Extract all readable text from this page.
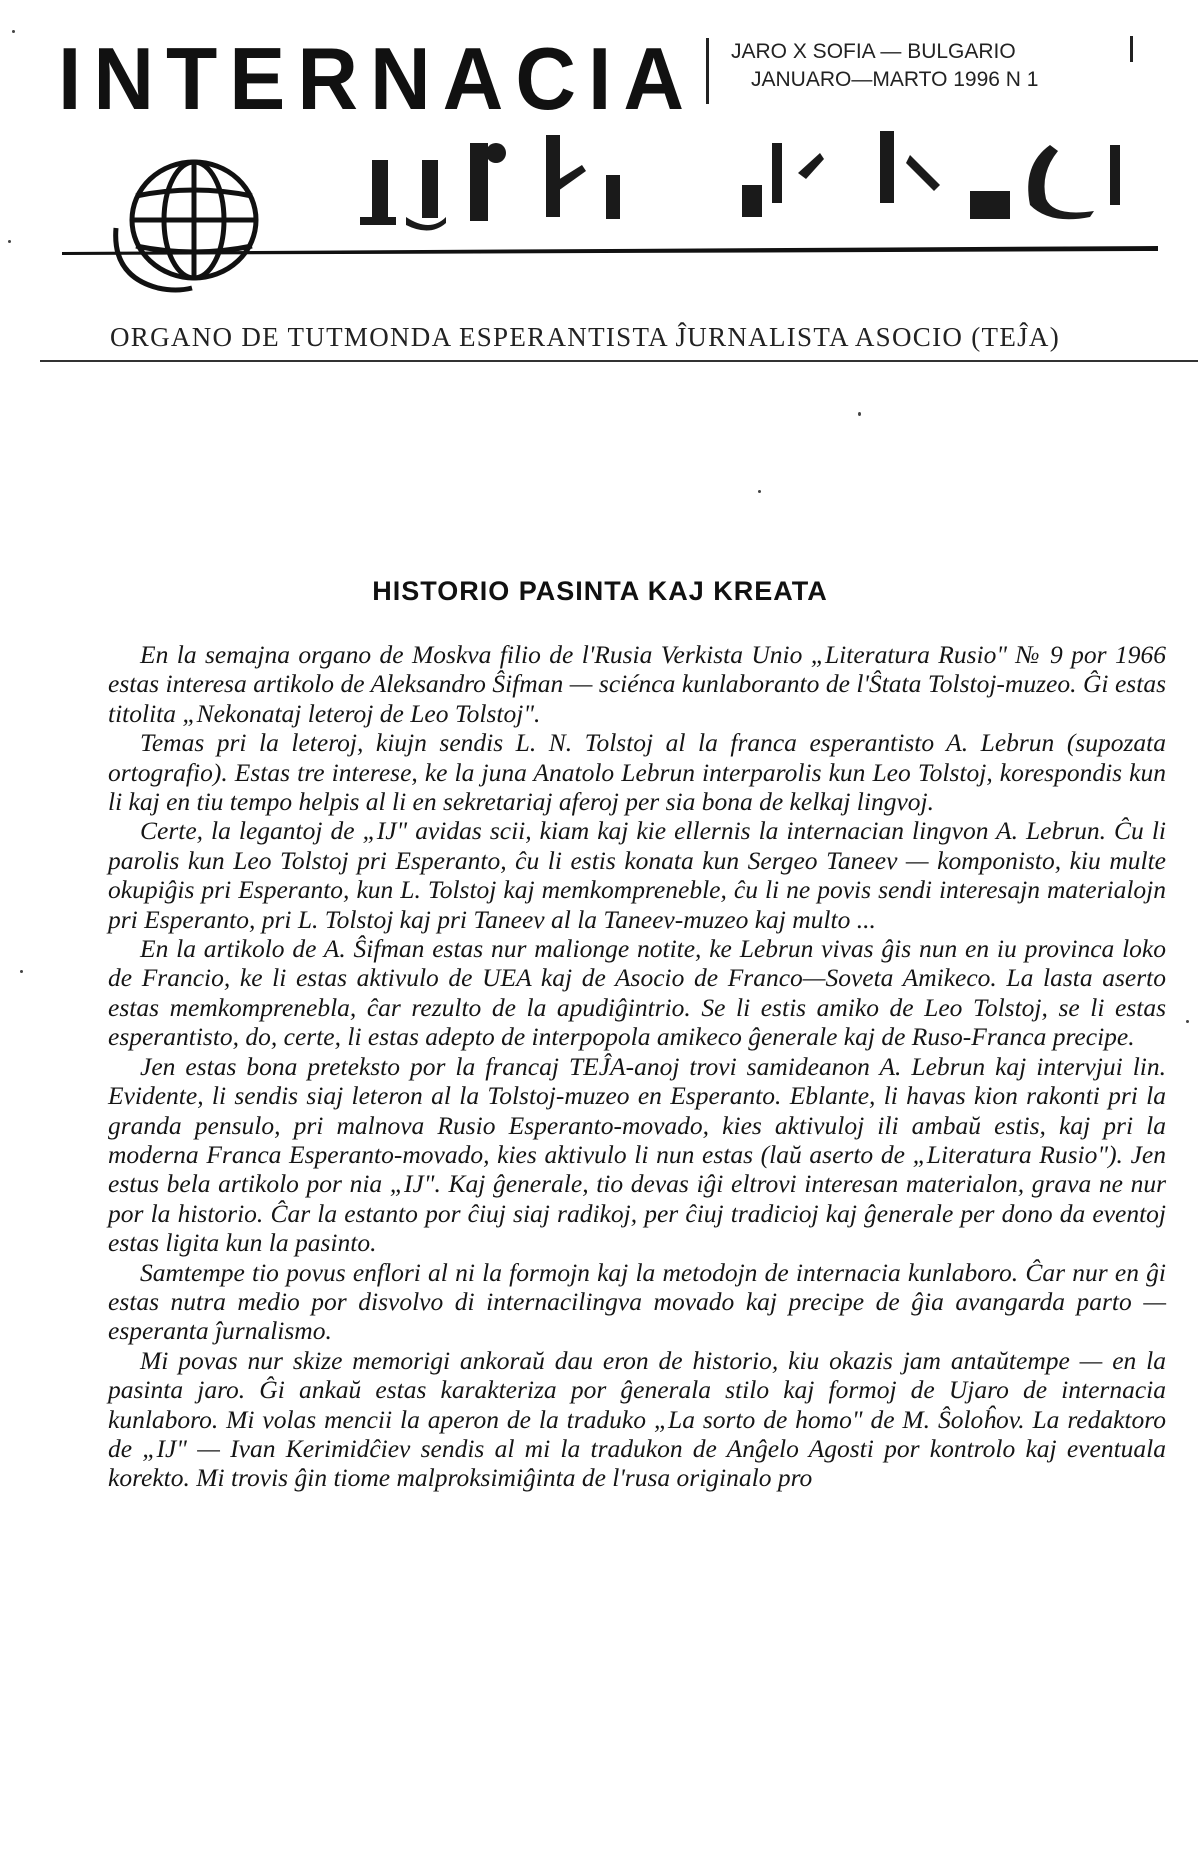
INTERNACIA JARO X SOFIA — BULGARIO
JANUARO—MARTO 1996 N 1
ORGANO DE TUTMONDA ESPERANTISTA ĴURNALISTA ASOCIO (TEĴA)
HISTORIO PASINTA KAJ KREATA

En la semajna organo de Moskva filio de l'Rusia Verkista Unio „Literatura Rusio" № 9 por 1966 estas interesa artikolo de Aleksandro Ŝifman — sciénca kunlaboranto de l'Ŝtata Tolstoj-muzeo. Ĝi estas titolita „Nekonataj leteroj de Leo Tolstoj".

Temas pri la leteroj, kiujn sendis L. N. Tolstoj al la franca esperantisto A. Lebrun (supozata ortografio). Estas tre interese, ke la juna Anatolo Lebrun interparolis kun Leo Tolstoj, korespondis kun li kaj en tiu tempo helpis al li en sekretariaj aferoj per sia bona de kelkaj lingvoj.

Certe, la legantoj de „IJ" avidas scii, kiam kaj kie ellernis la internacian lingvon A. Lebrun. Ĉu li parolis kun Leo Tolstoj pri Esperanto, ĉu li estis konata kun Sergeo Taneev — komponisto, kiu multe okupiĝis pri Esperanto, kun L. Tolstoj kaj memkompreneble, ĉu li ne povis sendi interesajn materialojn pri Esperanto, pri L. Tolstoj kaj pri Taneev al la Taneev-muzeo kaj multo ...

En la artikolo de A. Ŝifman estas nur malionge notite, ke Lebrun vivas ĝis nun en iu provinca loko de Francio, ke li estas aktivulo de UEA kaj de Asocio de Franco—Soveta Amikeco. La lasta aserto estas memkomprenebla, ĉar rezulto de la apudiĝintrio. Se li estis amiko de Leo Tolstoj, se li estas esperantisto, do, certe, li estas adepto de interpopola amikeco ĝenerale kaj de Ruso-Franca precipe.

Jen estas bona preteksto por la francaj TEĴA-anoj trovi samideanon A. Lebrun kaj intervjui lin. Evidente, li sendis siaj leteron al la Tolstoj-muzeo en Esperanto. Eblante, li havas kion rakonti pri la granda pensulo, pri malnova Rusio Esperanto-movado, kies aktivuloj ili ambaŭ estis, kaj pri la moderna Franca Esperanto-movado, kies aktivulo li nun estas (laŭ aserto de „Literatura Rusio"). Jen estus bela artikolo por nia „IJ". Kaj ĝenerale, tio devas iĝi eltrovi interesan materialon, grava ne nur por la historio. Ĉar la estanto por ĉiuj siaj radikoj, per ĉiuj tradicioj kaj ĝenerale per dono da eventoj estas ligita kun la pasinto.

Samtempe tio povus enflori al ni la formojn kaj la metodojn de internacia kunlaboro. Ĉar nur en ĝi estas nutra medio por disvolvo di internacilingva movado kaj precipe de ĝia avangarda parto — esperanta ĵurnalismo.

Mi povas nur skize memorigi ankoraŭ dau eron de historio, kiu okazis jam antaŭtempe — en la pasinta jaro. Ĝi ankaŭ estas karakteriza por ĝenerala stilo kaj formoj de Ujaro de internacia kunlaboro. Mi volas mencii la aperon de la traduko „La sorto de homo" de M. Ŝoloĥov. La redaktoro de „IJ" — Ivan Kerimidĉiev sendis al mi la tradukon de Anĝelo Agosti por kontrolo kaj eventuala korekto. Mi trovis ĝin tiome malproksimiĝinta de l'rusa originalo pro
